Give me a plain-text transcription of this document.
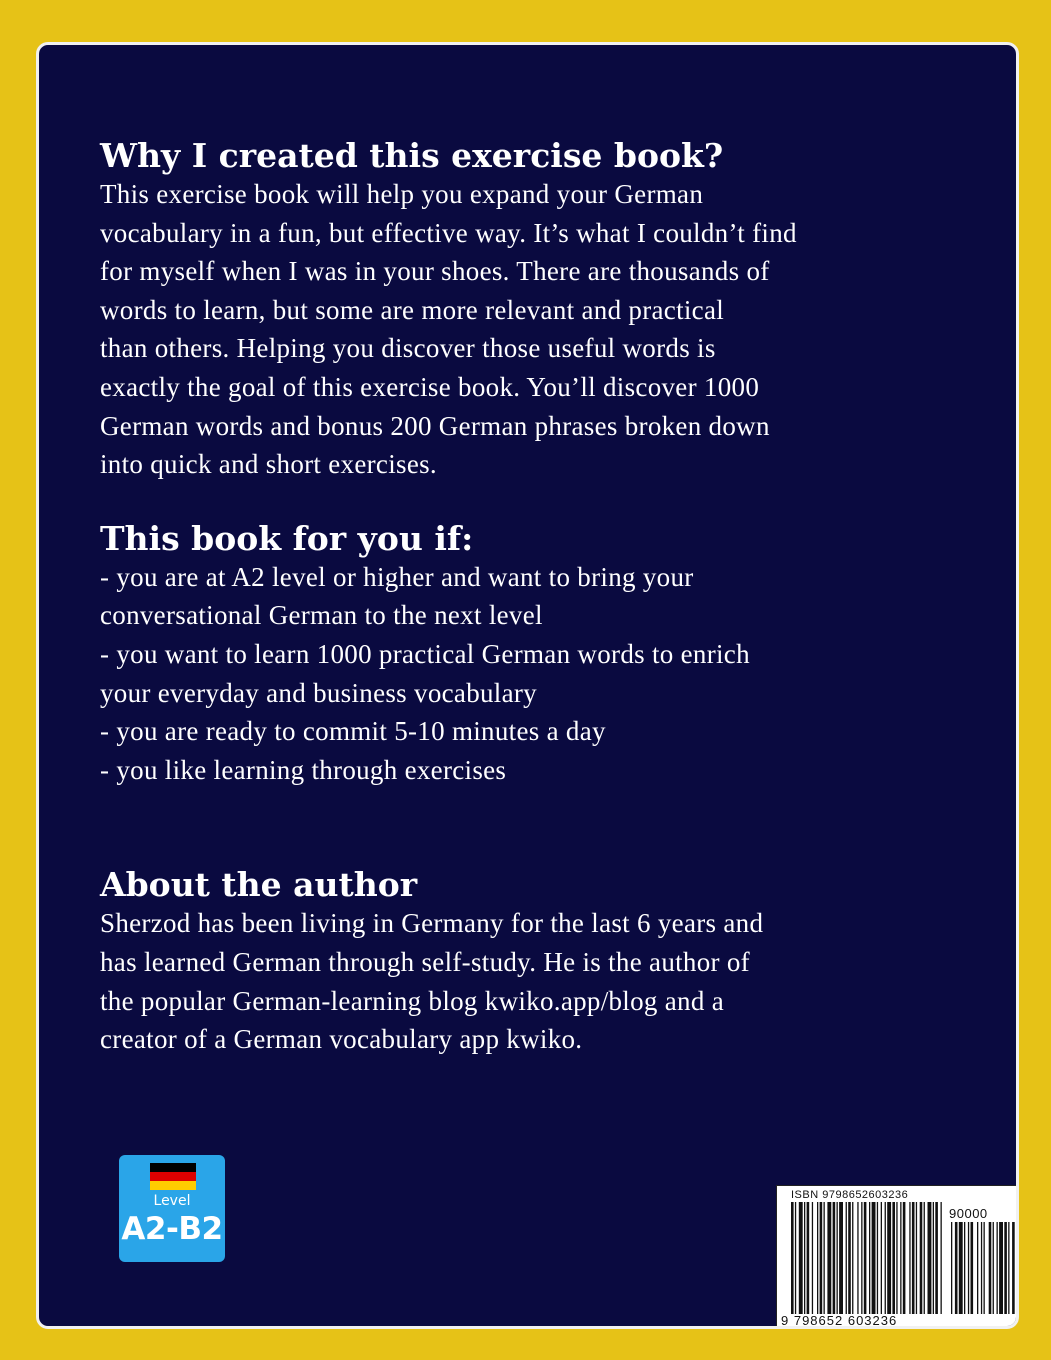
Why I created this exercise book?

This exercise book will help you expand your German

vocabulary in a fun, but effective way. It’s what I couldn’t find

for myself when I was in your shoes. There are thousands of

words to learn, but some are more relevant and practical

than others. Helping you discover those useful words is

exactly the goal of this exercise book. You’ll discover 1000

German words and bonus 200 German phrases broken down

into quick and short exercises.

This book for you if:

- you are at A2 level or higher and want to bring your

conversational German to the next level

- you want to learn 1000 practical German words to enrich

your everyday and business vocabulary

- you are ready to commit 5-10 minutes a day

- you like learning through exercises

About the author

Sherzod has been living in Germany for the last 6 years and

has learned German through self-study. He is the author of

the popular German-learning blog kwiko.app/blog and a

creator of a German vocabulary app kwiko.

Level
A2-B2
ISBN 9798652603236
90000
9 798652 603236
